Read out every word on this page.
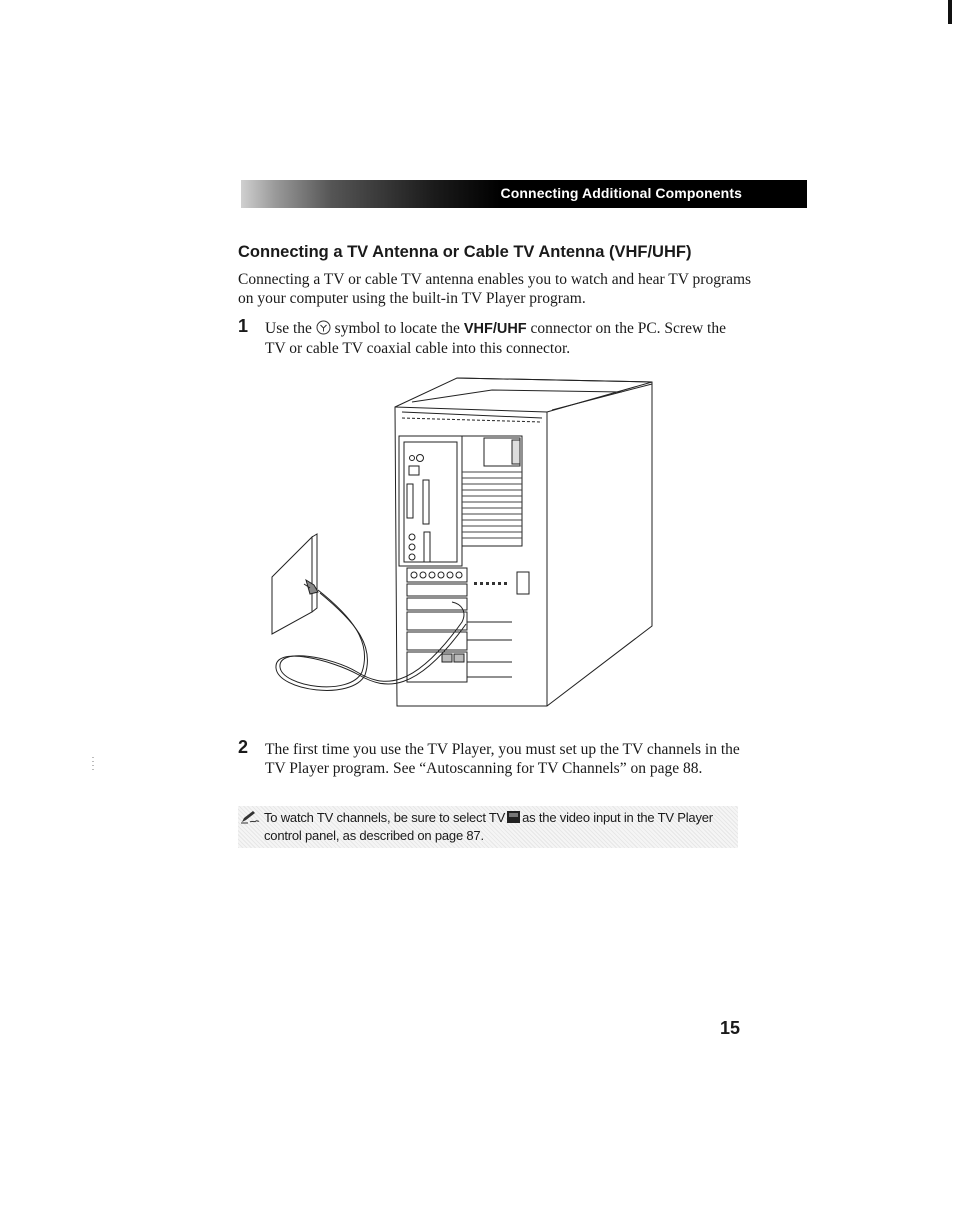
Connecting Additional Components
Connecting a TV Antenna or Cable TV Antenna (VHF/UHF)

Connecting a TV or cable TV antenna enables you to watch and hear TV programs on your computer using the built-in TV Player program.

1 Use the symbol to locate the VHF/UHF connector on the PC. Screw the TV or cable TV coaxial cable into this connector.

2 The first time you use the TV Player, you must set up the TV channels in the TV Player program. See “Autoscanning for TV Channels” on page 88.

To watch TV channels, be sure to select TV as the video input in the TV Player control panel, as described on page 87.

15
